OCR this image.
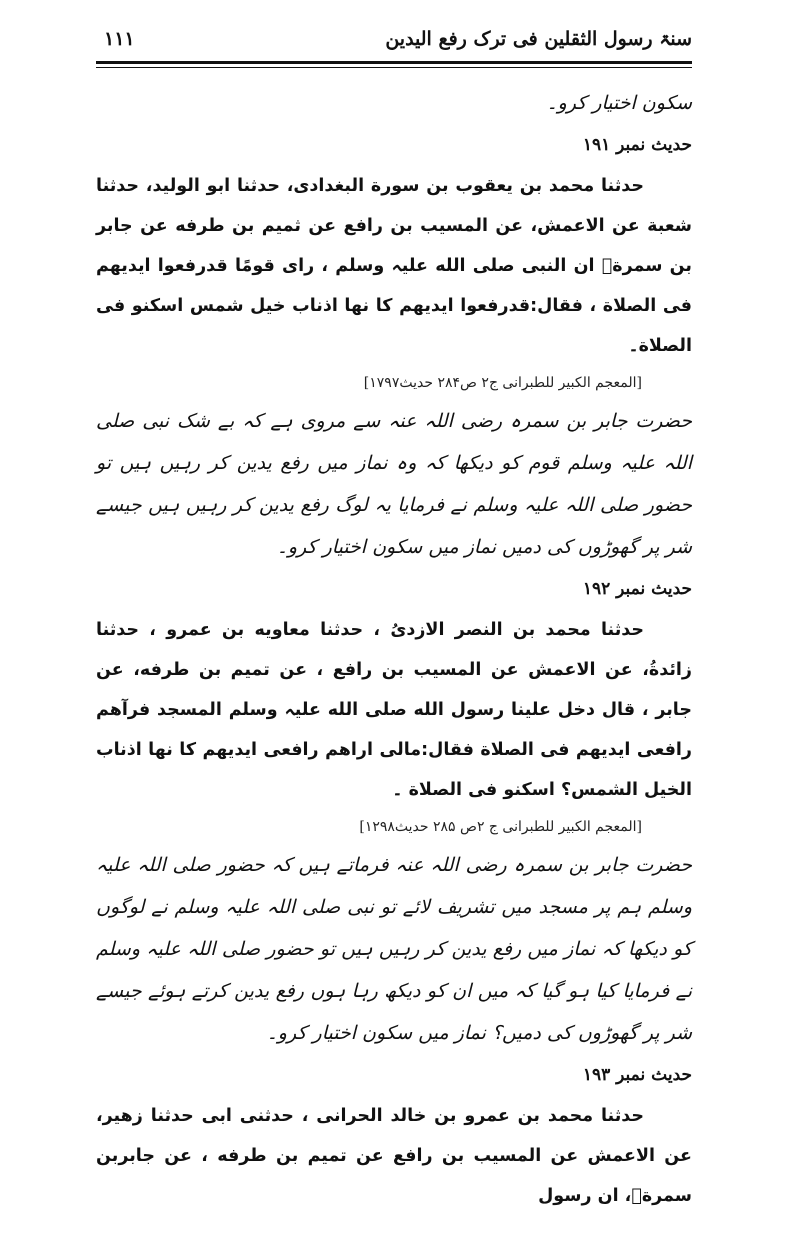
سنۃ رسول الثقلین فی ترک رفع الیدین
۱۱۱

سکون اختیار کرو۔

حدیث نمبر ۱۹۱

حدثنا محمد بن يعقوب بن سورة البغدادى، حدثنا ابو الوليد، حدثنا شعبة عن الاعمش، عن المسيب بن رافع عن ثميم بن طرفه عن جابر بن سمرةؓ ان النبى صلی الله علیہ وسلم ، راى قومًا قدرفعوا ايديهم فى الصلاة ، فقال:قدرفعوا ايديهم كا نها اذناب خيل شمس اسكنو فى الصلاة۔

[المعجم الكبير للطبرانی ج۲ ص۲۸۴ حدیث۱۷۹۷]

حضرت جابر بن سمرہ رضی اللہ عنہ سے مروی ہے کہ بے شک نبی صلی اللہ علیہ وسلم قوم کو دیکھا کہ وہ نماز میں رفع یدین کر رہیں ہیں تو حضور صلی اللہ علیہ وسلم نے فرمایا یہ لوگ رفع یدین کر رہیں ہیں جیسے شر پر گھوڑوں کی دمیں نماز میں سکون اختیار کرو۔

حدیث نمبر ۱۹۲

حدثنا محمد بن النصر الازدیُ ، حدثنا معاويه بن عمرو ، حدثنا زائدةُ، عن الاعمش عن المسيب بن رافع ، عن تميم بن طرفه، عن جابر ، قال دخل علينا رسول الله صلی الله علیہ وسلم المسجد فرآهم رافعى ايديهم فى الصلاة فقال:مالى اراهم رافعى ايديهم كا نها اذناب الخيل الشمس؟ اسكنو فى الصلاة ۔

[المعجم الكبير للطبرانی ج ۲ص ۲۸۵ حدیث۱۲۹۸]

حضرت جابر بن سمرہ رضی اللہ عنہ فرماتے ہیں کہ حضور صلی اللہ علیہ وسلم ہم پر مسجد میں تشریف لائے تو نبی صلی اللہ علیہ وسلم نے لوگوں کو دیکھا کہ نماز میں رفع یدین کر رہیں ہیں تو حضور صلی اللہ علیہ وسلم نے فرمایا کیا ہو گیا کہ میں ان کو دیکھ رہا ہوں رفع یدین کرتے ہوئے جیسے شر پر گھوڑوں کی دمیں؟ نماز میں سکون اختیار کرو۔

حدیث نمبر ۱۹۳

حدثنا محمد بن عمرو بن خالد الحرانی ، حدثنی ابی حدثنا زهير، عن الاعمش عن المسيب بن رافع عن تميم بن طرفه ، عن جابربن سمرةؓ، ان رسول
